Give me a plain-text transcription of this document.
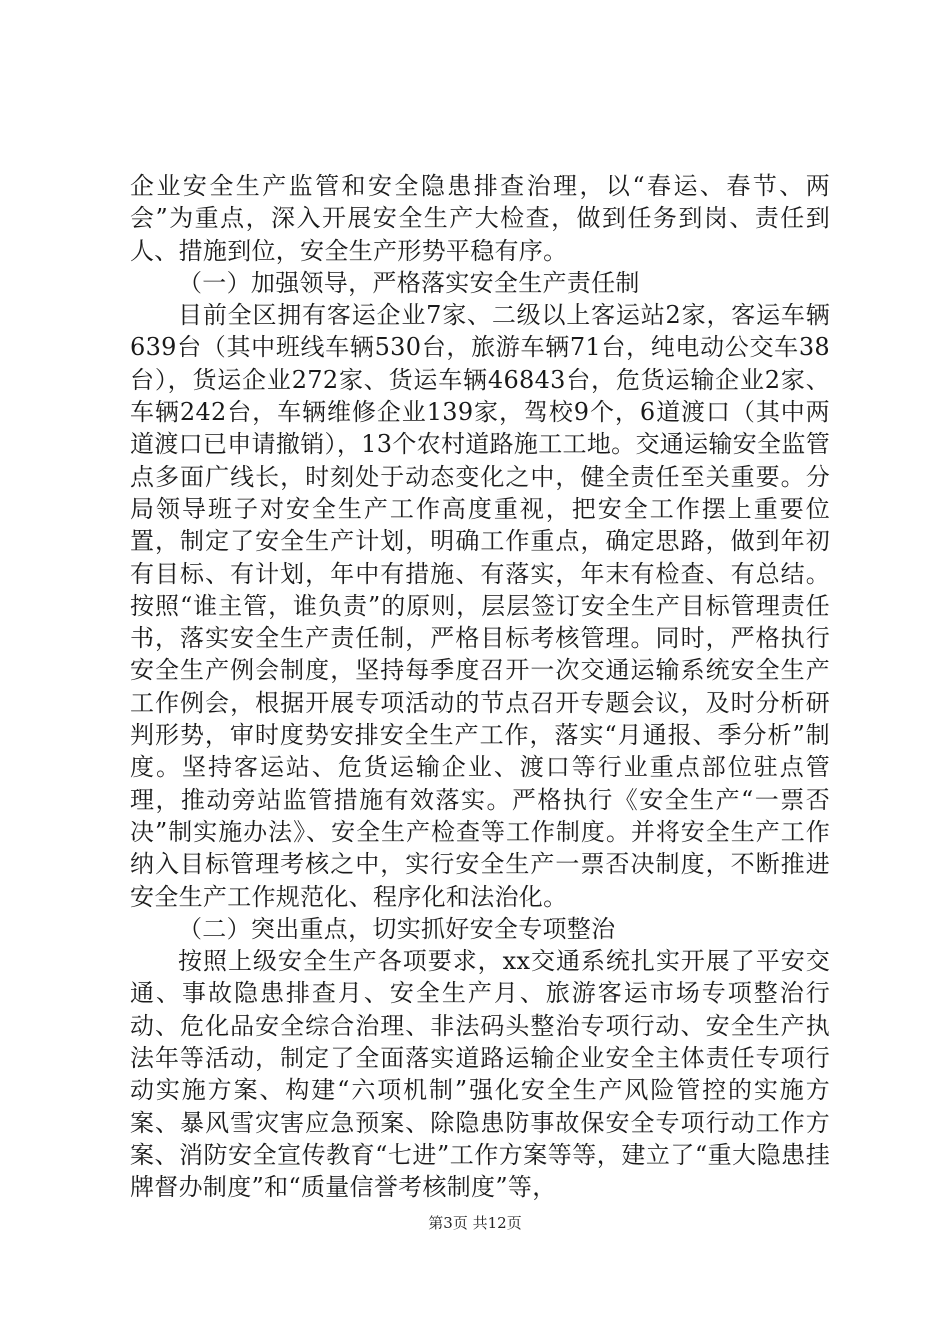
企业安全生产监管和安全隐患排查治理，以“春运、春节、两会”为重点，深入开展安全生产大检查，做到任务到岗、责任到人、措施到位，安全生产形势平稳有序。

（一）加强领导，严格落实安全生产责任制

目前全区拥有客运企业7家、二级以上客运站2家，客运车辆639台（其中班线车辆530台，旅游车辆71台，纯电动公交车38台），货运企业272家、货运车辆46843台，危货运输企业2家、车辆242台，车辆维修企业139家，驾校9个，6道渡口（其中两道渡口已申请撤销），13个农村道路施工工地。交通运输安全监管点多面广线长，时刻处于动态变化之中，健全责任至关重要。分局领导班子对安全生产工作高度重视，把安全工作摆上重要位置，制定了安全生产计划，明确工作重点，确定思路，做到年初有目标、有计划，年中有措施、有落实，年末有检查、有总结。按照“谁主管，谁负责”的原则，层层签订安全生产目标管理责任书，落实安全生产责任制，严格目标考核管理。同时，严格执行安全生产例会制度，坚持每季度召开一次交通运输系统安全生产工作例会，根据开展专项活动的节点召开专题会议，及时分析研判形势，审时度势安排安全生产工作，落实“月通报、季分析”制度。坚持客运站、危货运输企业、渡口等行业重点部位驻点管理，推动旁站监管措施有效落实。严格执行《安全生产“一票否决”制实施办法》、安全生产检查等工作制度。并将安全生产工作纳入目标管理考核之中，实行安全生产一票否决制度，不断推进安全生产工作规范化、程序化和法治化。

（二）突出重点，切实抓好安全专项整治

按照上级安全生产各项要求，xx交通系统扎实开展了平安交通、事故隐患排查月、安全生产月、旅游客运市场专项整治行动、危化品安全综合治理、非法码头整治专项行动、安全生产执法年等活动，制定了全面落实道路运输企业安全主体责任专项行动实施方案、构建“六项机制”强化安全生产风险管控的实施方案、暴风雪灾害应急预案、除隐患防事故保安全专项行动工作方案、消防安全宣传教育“七进”工作方案等等，建立了“重大隐患挂牌督办制度”和“质量信誉考核制度”等，

第3页 共12页
